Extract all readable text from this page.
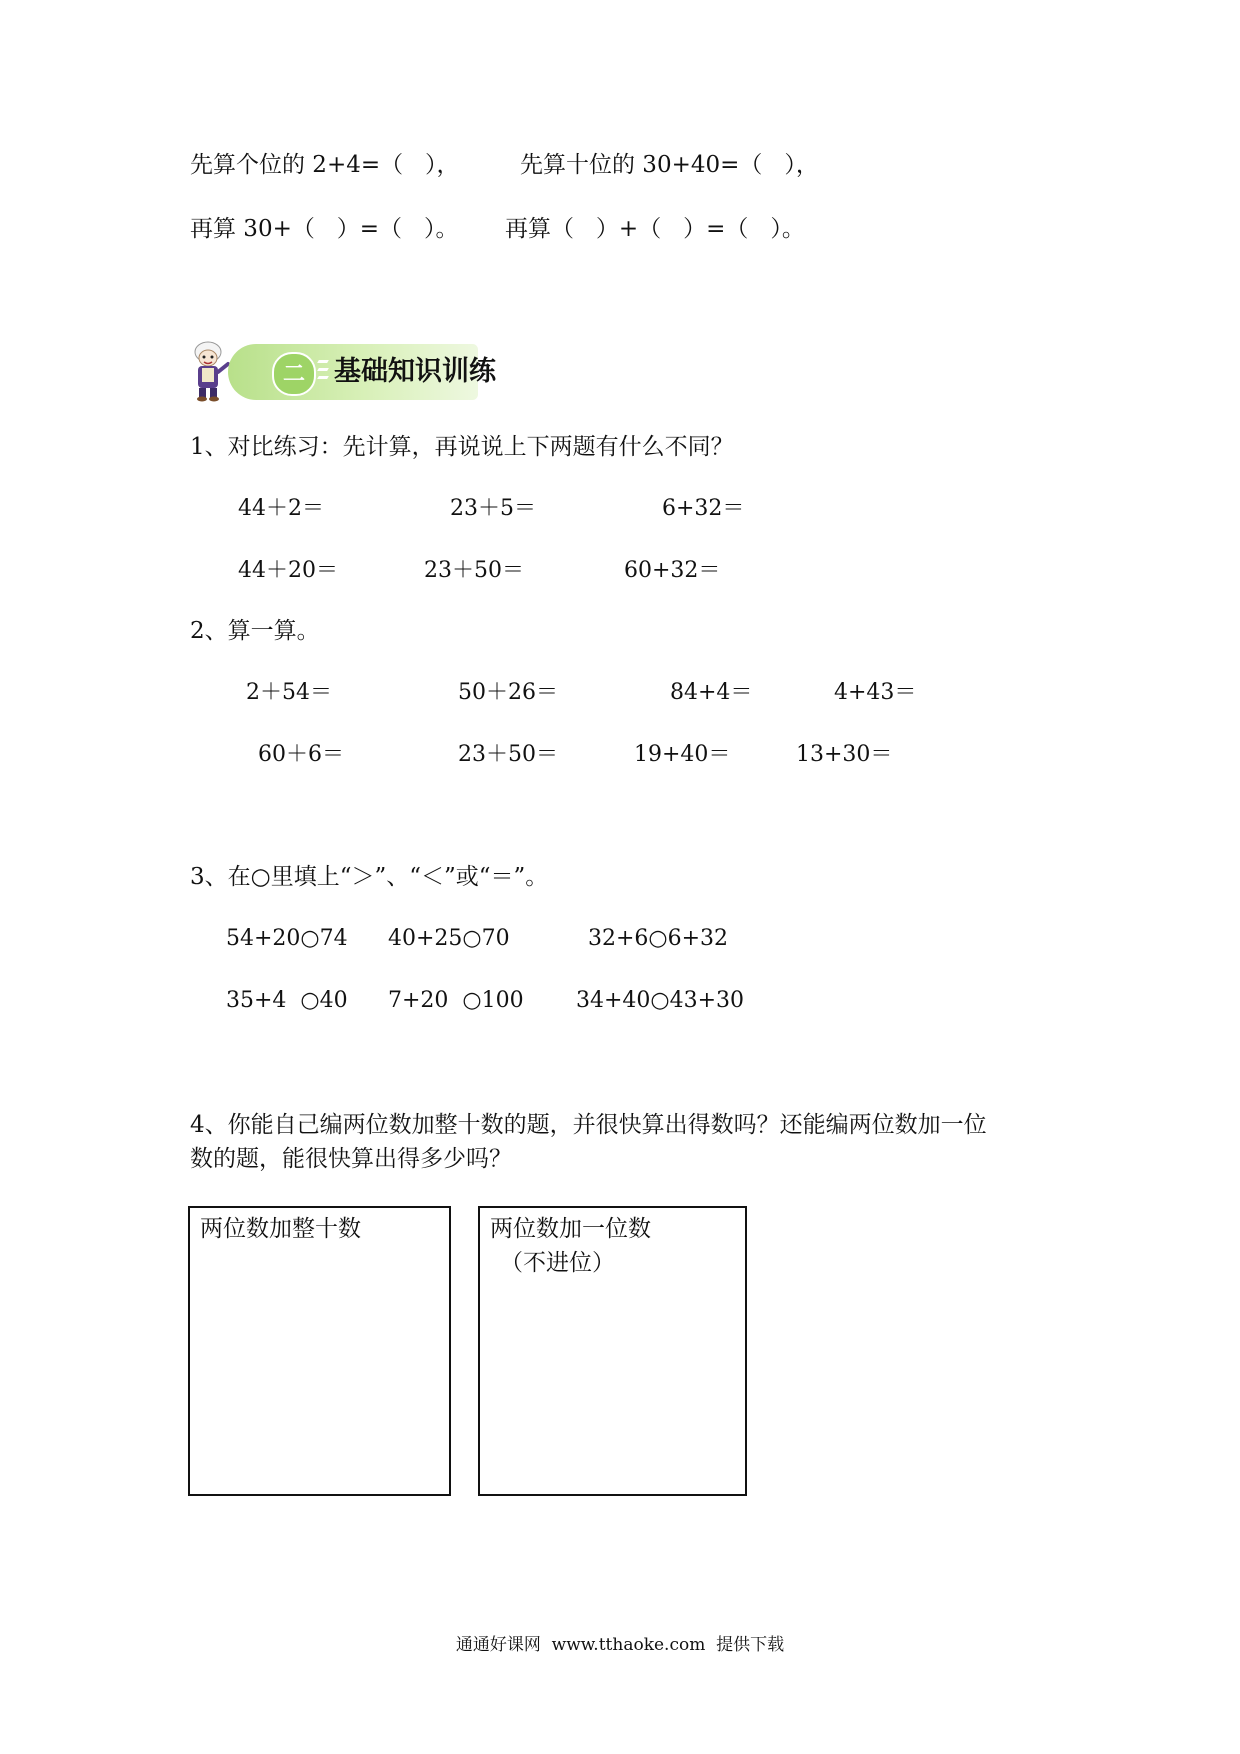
先算个位的 2+4=（   ），	先算十位的 30+40=（   ），
再算 30+（   ）=（   ）。 再算（   ）+（   ）=（   ）。
二	基础知识训练
1、对比练习：先计算，再说说上下两题有什么不同？
44＋2＝	23＋5＝	6+32＝
44＋20＝	23＋50＝	60+32＝
2、算一算。
2＋54＝	50＋26＝	84+4＝	4+43＝
60＋6＝	23＋50＝	19+40＝	13+30＝
3、在○里填上“＞”、“＜”或“＝”。
54+20○74 40+25○70	32+6○6+32
35+4  ○40 7+20  ○100 34+40○43+30
4、你能自己编两位数加整十数的题，并很快算出得数吗？还能编两位数加一位
数的题，能很快算出得多少吗？
两位数加整十数	两位数加一位数
（不进位）
通通好课网  www.tthaoke.com  提供下载
